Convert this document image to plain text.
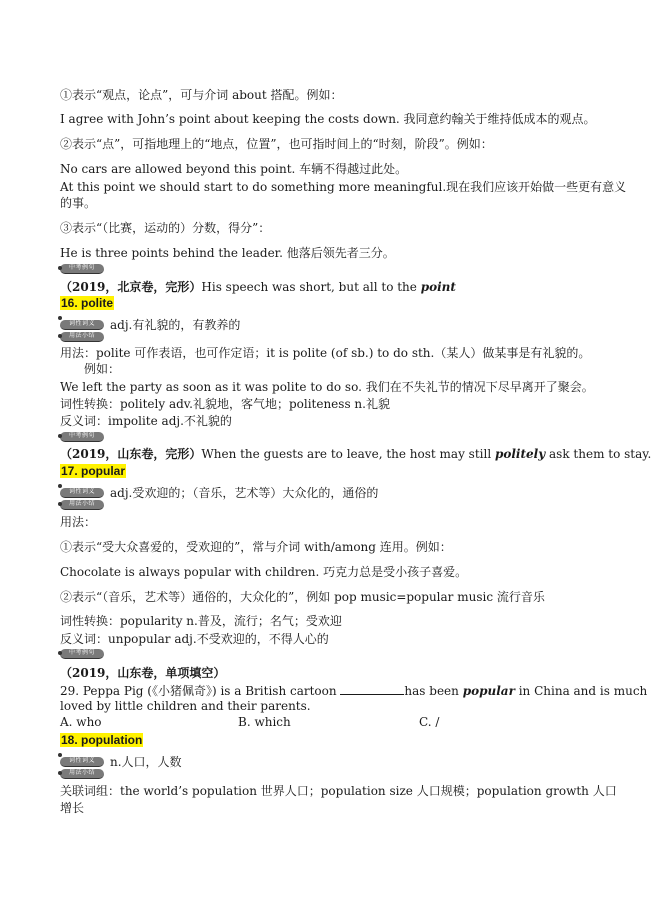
①表示“观点，论点”，可与介词 about 搭配。例如：
I agree with John’s point about keeping the costs down. 我同意约翰关于维持低成本的观点。
②表示“点”，可指地理上的“地点，位置”，也可指时间上的“时刻，阶段”。例如：
No cars are allowed beyond this point. 车辆不得越过此处。
At this point we should start to do something more meaningful.现在我们应该开始做一些更有意义
的事。
③表示“（比赛，运动的）分数，得分”：
He is three points behind the leader. 他落后领先者三分。
中考例句
（2019，北京卷，完形）His speech was short, but all to the point
16. polite
词性词义 adj.有礼貌的，有教养的
用法小结
用法：polite 可作表语，也可作定语；it is polite (of sb.) to do sth.（某人）做某事是有礼貌的。
例如：
We left the party as soon as it was polite to do so. 我们在不失礼节的情况下尽早离开了聚会。
词性转换：politely adv.礼貌地，客气地；politeness n.礼貌
反义词：impolite adj.不礼貌的
中考例句
（2019，山东卷，完形）When the guests are to leave, the host may still politely ask them to stay.
17. popular
词性词义 adj.受欢迎的；（音乐，艺术等）大众化的，通俗的
用法小结
用法：
①表示“受大众喜爱的，受欢迎的”，常与介词 with/among 连用。例如：
Chocolate is always popular with children. 巧克力总是受小孩子喜爱。
②表示“（音乐，艺术等）通俗的，大众化的”，例如 pop music=popular music 流行音乐
词性转换：popularity n.普及，流行；名气；受欢迎
反义词：unpopular adj.不受欢迎的，不得人心的
中考例句
（2019，山东卷，单项填空）
29. Peppa Pig (《小猪佩奇》) is a British cartoon	has been popular in China and is much
loved by little children and their parents.
A. who	B. which	C. /
18. population
词性词义 n.人口，人数
用法小结
关联词组：the world’s population 世界人口；population size 人口规模；population growth 人口
增长
